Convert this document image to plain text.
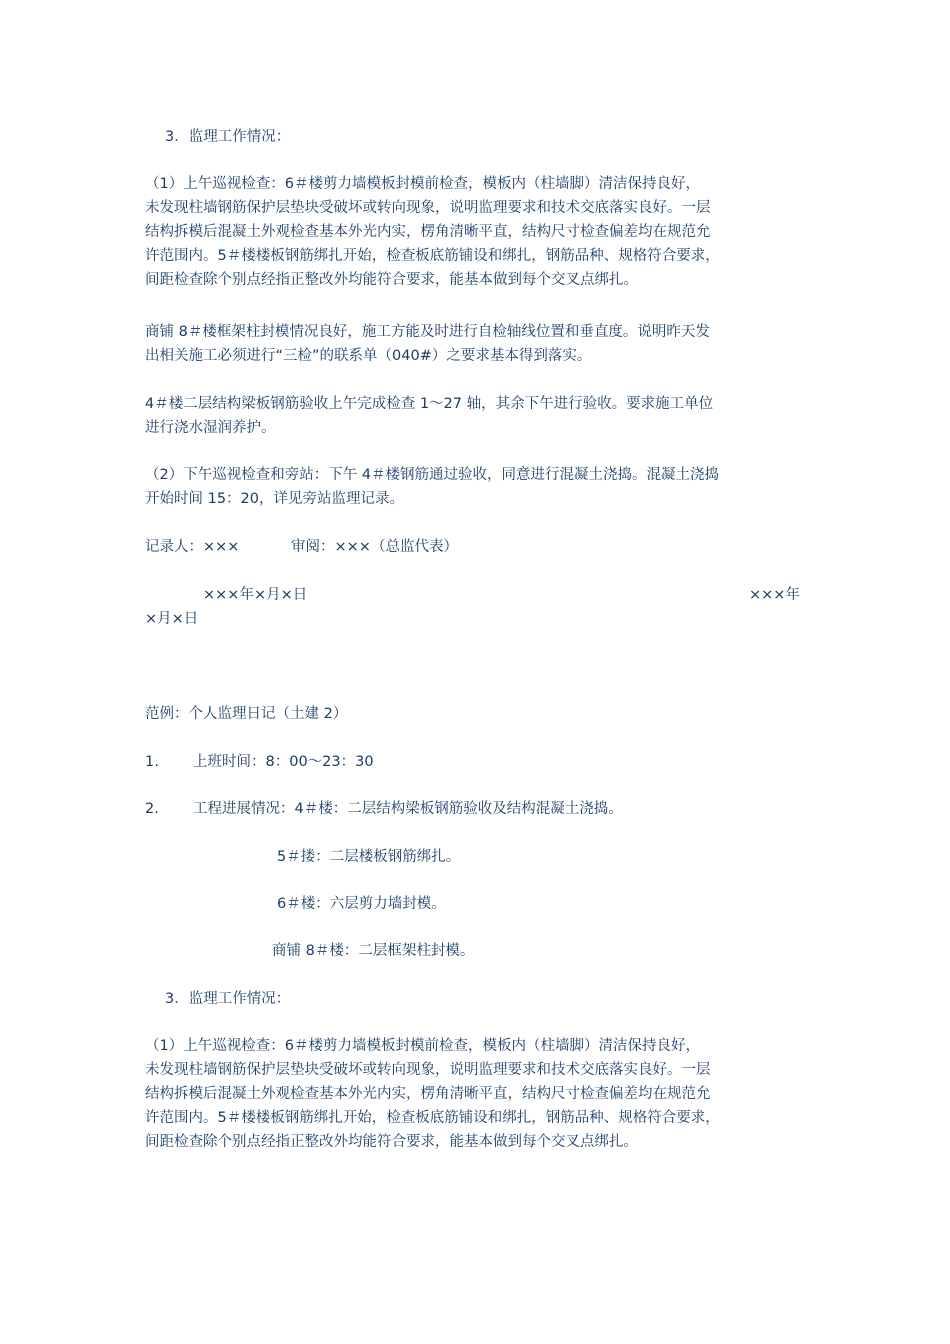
3．监理工作情况：

（1）上午巡视检查：6＃楼剪力墙模板封模前检查，模板内（柱墙脚）清洁保持良好，
未发现柱墙钢筋保护层垫块受破坏或转向现象，说明监理要求和技术交底落实良好。一层
结构拆模后混凝土外观检查基本外光内实，楞角清晰平直，结构尺寸检查偏差均在规范允
许范围内。5＃楼楼板钢筋绑扎开始，检查板底筋铺设和绑扎，钢筋品种、规格符合要求，
间距检查除个别点经指正整改外均能符合要求，能基本做到每个交叉点绑扎。
商铺 8＃楼框架柱封模情况良好，施工方能及时进行自检轴线位置和垂直度。说明昨天发
出相关施工必须进行“三检”的联系单（040#）之要求基本得到落实。
4＃楼二层结构梁板钢筋验收上午完成检查 1～27 轴，其余下午进行验收。要求施工单位
进行浇水湿润养护。
（2）下午巡视检查和旁站：下午 4＃楼钢筋通过验收，同意进行混凝土浇捣。混凝土浇捣
开始时间 15：20，详见旁站监理记录。

记录人：×××	审阅：×××（总监代表）

×××年×月×日	×××年

×月×日

范例：个人监理日记（土建 2）

1. 上班时间：8：00～23：30

2. 工程进展情况：4＃楼：二层结构梁板钢筋验收及结构混凝土浇捣。

5＃搂：二层楼板钢筋绑扎。

6＃楼：六层剪力墙封模。

商铺 8＃楼：二层框架柱封模。

3．监理工作情况：

（1）上午巡视检查：6＃楼剪力墙模板封模前检查，模板内（柱墙脚）清洁保持良好，
未发现柱墙钢筋保护层垫块受破坏或转向现象，说明监理要求和技术交底落实良好。一层
结构拆模后混凝土外观检查基本外光内实，楞角清晰平直，结构尺寸检查偏差均在规范允
许范围内。5＃楼楼板钢筋绑扎开始，检查板底筋铺设和绑扎，钢筋品种、规格符合要求，
间距检查除个别点经指正整改外均能符合要求，能基本做到每个交叉点绑扎。
